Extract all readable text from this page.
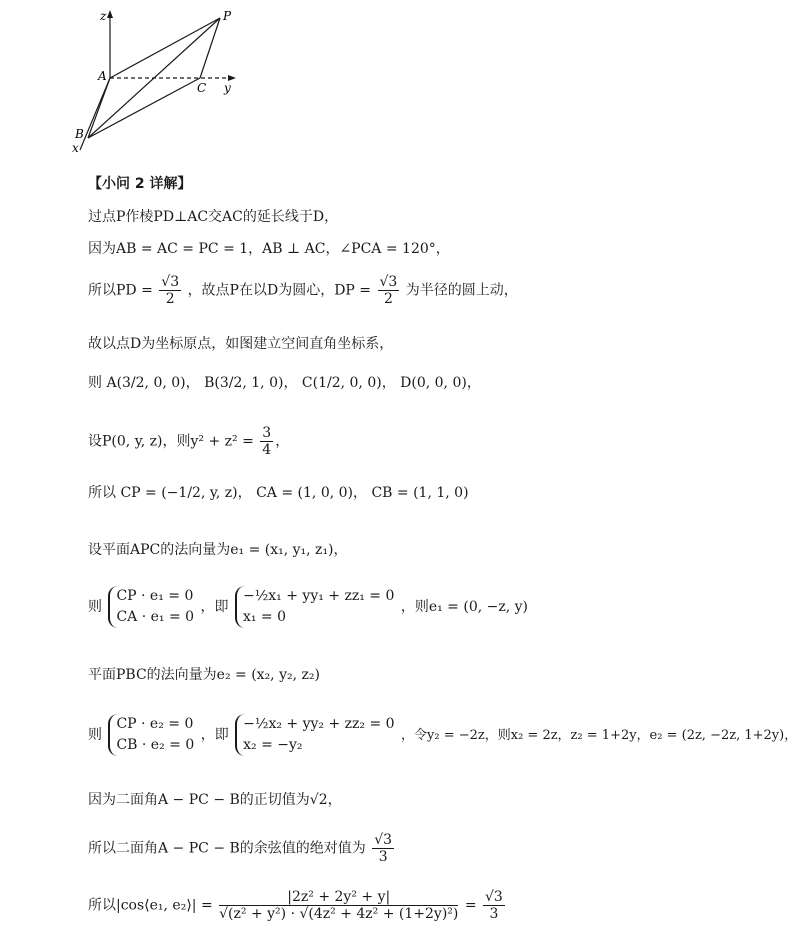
z	P
A
C y
B
x
【小问 2 详解】
过点P作棱PD⊥AC交AC的延长线于D，
因为AB = AC = PC = 1，AB ⊥ AC，∠PCA = 120°，
所以PD = $\frac{√3}{2}$ ，故点P在以D为圆心，DP = $\frac{√3}{2}$ 为半径的圆上动，
故以点D为坐标原点，如图建立空间直角坐标系，
则 A(3/2, 0, 0)， B(3/2, 1, 0)， C(1/2, 0, 0)， D(0, 0, 0)，
设P(0, y, z)，则$y^2 + z^2 = \frac{3}{4}$ ，
所以 CP = (−1/2, y, z)， CA = (1, 0, 0)， CB = (1, 1, 0)
设平面APC的法向量为e₁ = (x₁, y₁, z₁)，
则
CP · e₁ = 0
CA · e₁ = 0
，即
−½x₁ + yy₁ + zz₁ = 0
x₁ = 0
，则e₁ = (0, −z, y)
平面PBC的法向量为e₂ = (x₂, y₂, z₂)
则
CP · e₂ = 0
CB · e₂ = 0
，即
−½x₂ + yy₂ + zz₂ = 0
x₂ = −y₂
，令y₂ = −2z，则x₂ = 2z，z₂ = 1+2y，e₂ = (2z, −2z, 1+2y)，
因为二面角A − PC − B的正切值为√2，
所以二面角A − PC − B的余弦值的绝对值为 $\frac{√3}{3}$
所以|cos⟨e₁, e₂⟩| = $\frac{\text{|2z² + 2y² + y|}}{\text{√(z² + y²) · √(4z² + 4z² + (1+2y)²)}} = \frac{√3}{3}$
